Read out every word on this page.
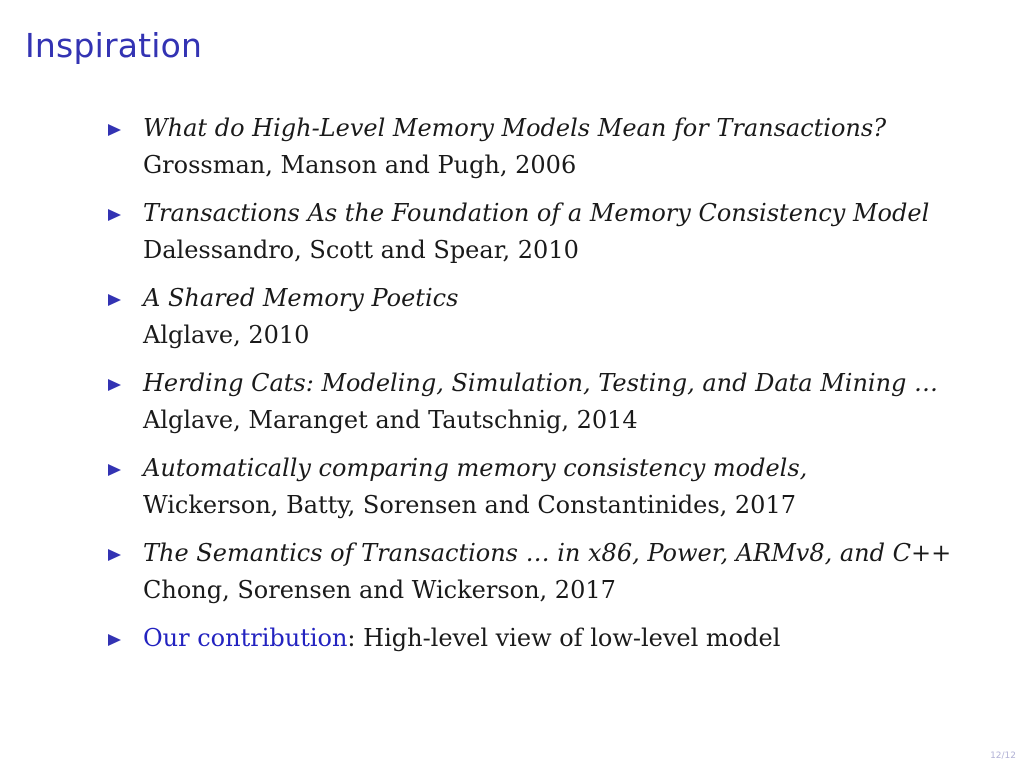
Inspiration
What do High-Level Memory Models Mean for Transactions?
Grossman, Manson and Pugh, 2006
Transactions As the Foundation of a Memory Consistency Model
Dalessandro, Scott and Spear, 2010
A Shared Memory Poetics
Alglave, 2010
Herding Cats: Modeling, Simulation, Testing, and Data Mining …
Alglave, Maranget and Tautschnig, 2014
Automatically comparing memory consistency models,
Wickerson, Batty, Sorensen and Constantinides, 2017
The Semantics of Transactions … in x86, Power, ARMv8, and C++
Chong, Sorensen and Wickerson, 2017
Our contribution: High-level view of low-level model
12/12
